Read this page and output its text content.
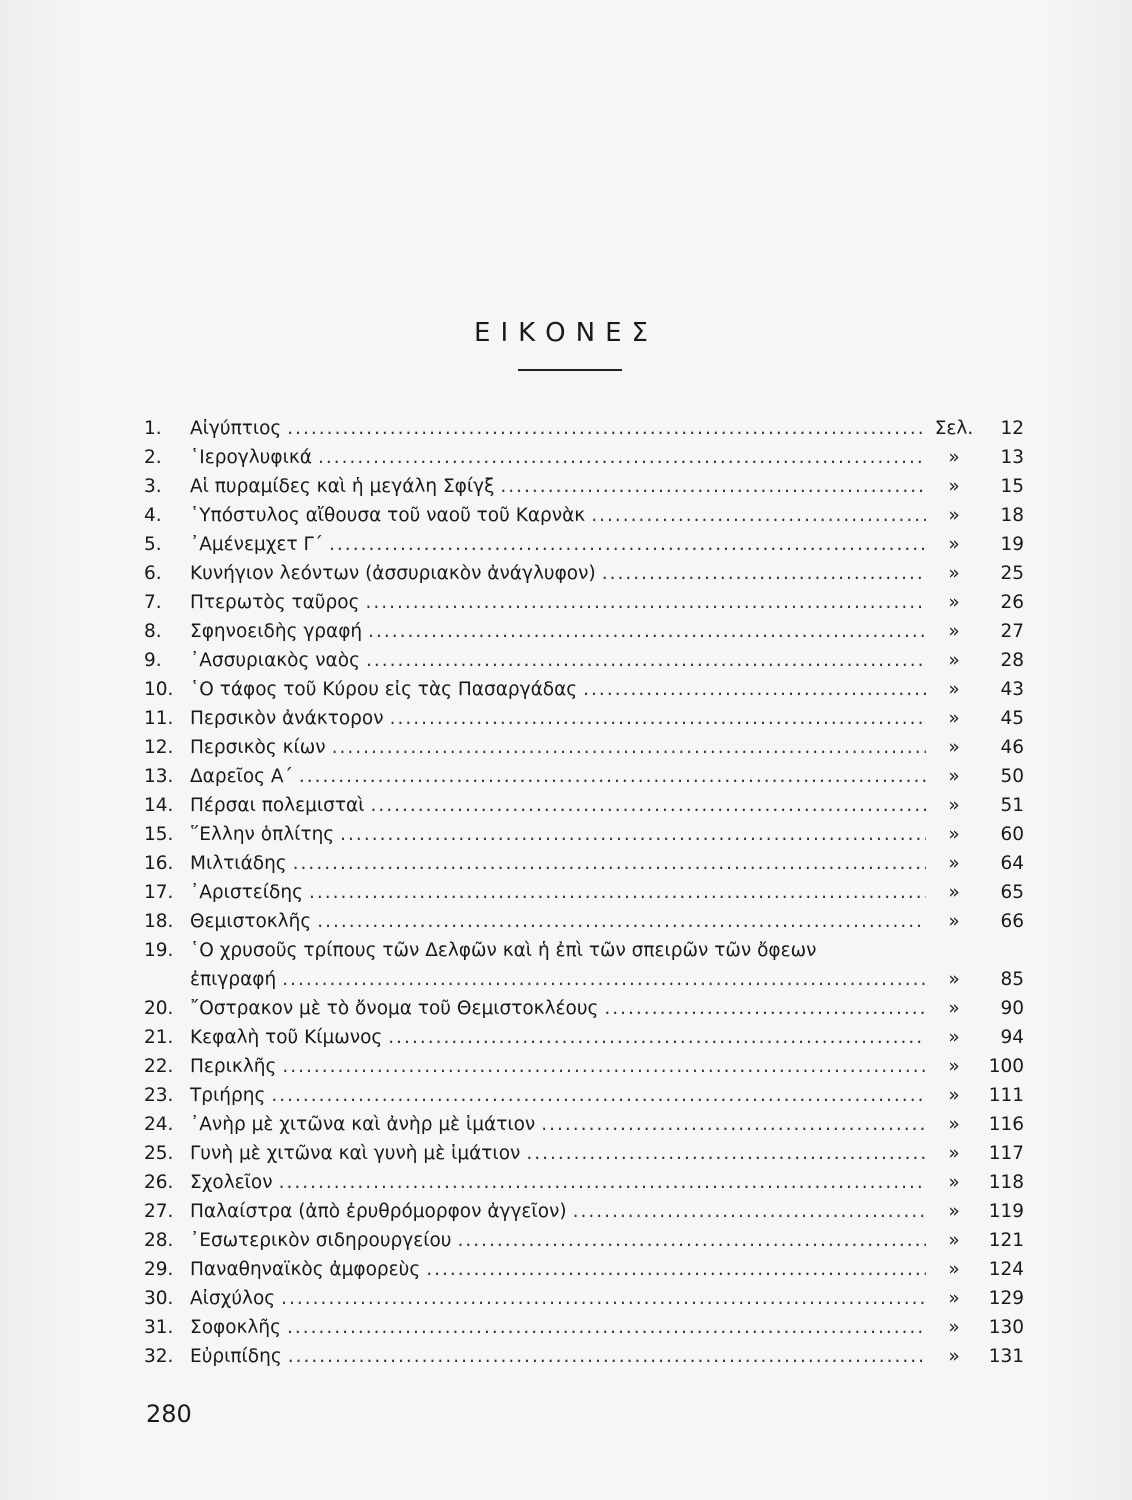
ΕΙΚΟΝΕΣ
1.	Αἰγύπτιος .....	Σελ.	12
2.	῾Ιερογλυφικά .....	»	13
3.	Αἱ πυραμίδες καὶ ἡ μεγάλη Σφίγξ .....	»	15
4.	῾Υπόστυλος αἴθουσα τοῦ ναοῦ τοῦ Καρνὰκ .....	»	18
5.	᾿Αμένεμχετ Γ΄ .....	»	19
6.	Κυνήγιον λεόντων (ἀσσυριακὸν ἀνάγλυφον) .....	»	25
7.	Πτερωτὸς ταῦρος .....	»	26
8.	Σφηνοειδὴς γραφή .....	»	27
9.	᾿Ασσυριακὸς ναὸς .....	»	28
10. ῾Ο τάφος τοῦ Κύρου εἰς τὰς Πασαργάδας .....	»	43
11. Περσικὸν ἀνάκτορον .....	»	45
12. Περσικὸς κίων .....	»	46
13. Δαρεῖος Α΄ .....	»	50
14. Πέρσαι πολεμισταὶ .....	»	51
15. ῞Ελλην ὁπλίτης .....	»	60
16. Μιλτιάδης .....	»	64
17. ᾿Αριστείδης .....	»	65
18. Θεμιστοκλῆς .....	»	66
19. ῾Ο χρυσοῦς τρίπους τῶν Δελφῶν καὶ ἡ ἐπὶ τῶν σπειρῶν τῶν ὄφεων
ἐπιγραφή .....	»	85
20. ῎Οστρακον μὲ τὸ ὄνομα τοῦ Θεμιστοκλέους .....	»	90
21. Κεφαλὴ τοῦ Κίμωνος .....	»	94
22. Περικλῆς .....	»	100
23. Τριήρης .....	»	111
24. ᾿Ανὴρ μὲ χιτῶνα καὶ ἀνὴρ μὲ ἱμάτιον .....	»	116
25. Γυνὴ μὲ χιτῶνα καὶ γυνὴ μὲ ἱμάτιον .....	»	117
26. Σχολεῖον .....	»	118
27. Παλαίστρα (ἀπὸ ἐρυθρόμορφον ἀγγεῖον) .....	»	119
28. ᾿Εσωτερικὸν σιδηρουργείου .....	»	121
29. Παναθηναϊκὸς ἀμφορεὺς .....	»	124
30. Αἰσχύλος .....	»	129
31. Σοφοκλῆς .....	»	130
32. Εὐριπίδης .....	»	131
280
